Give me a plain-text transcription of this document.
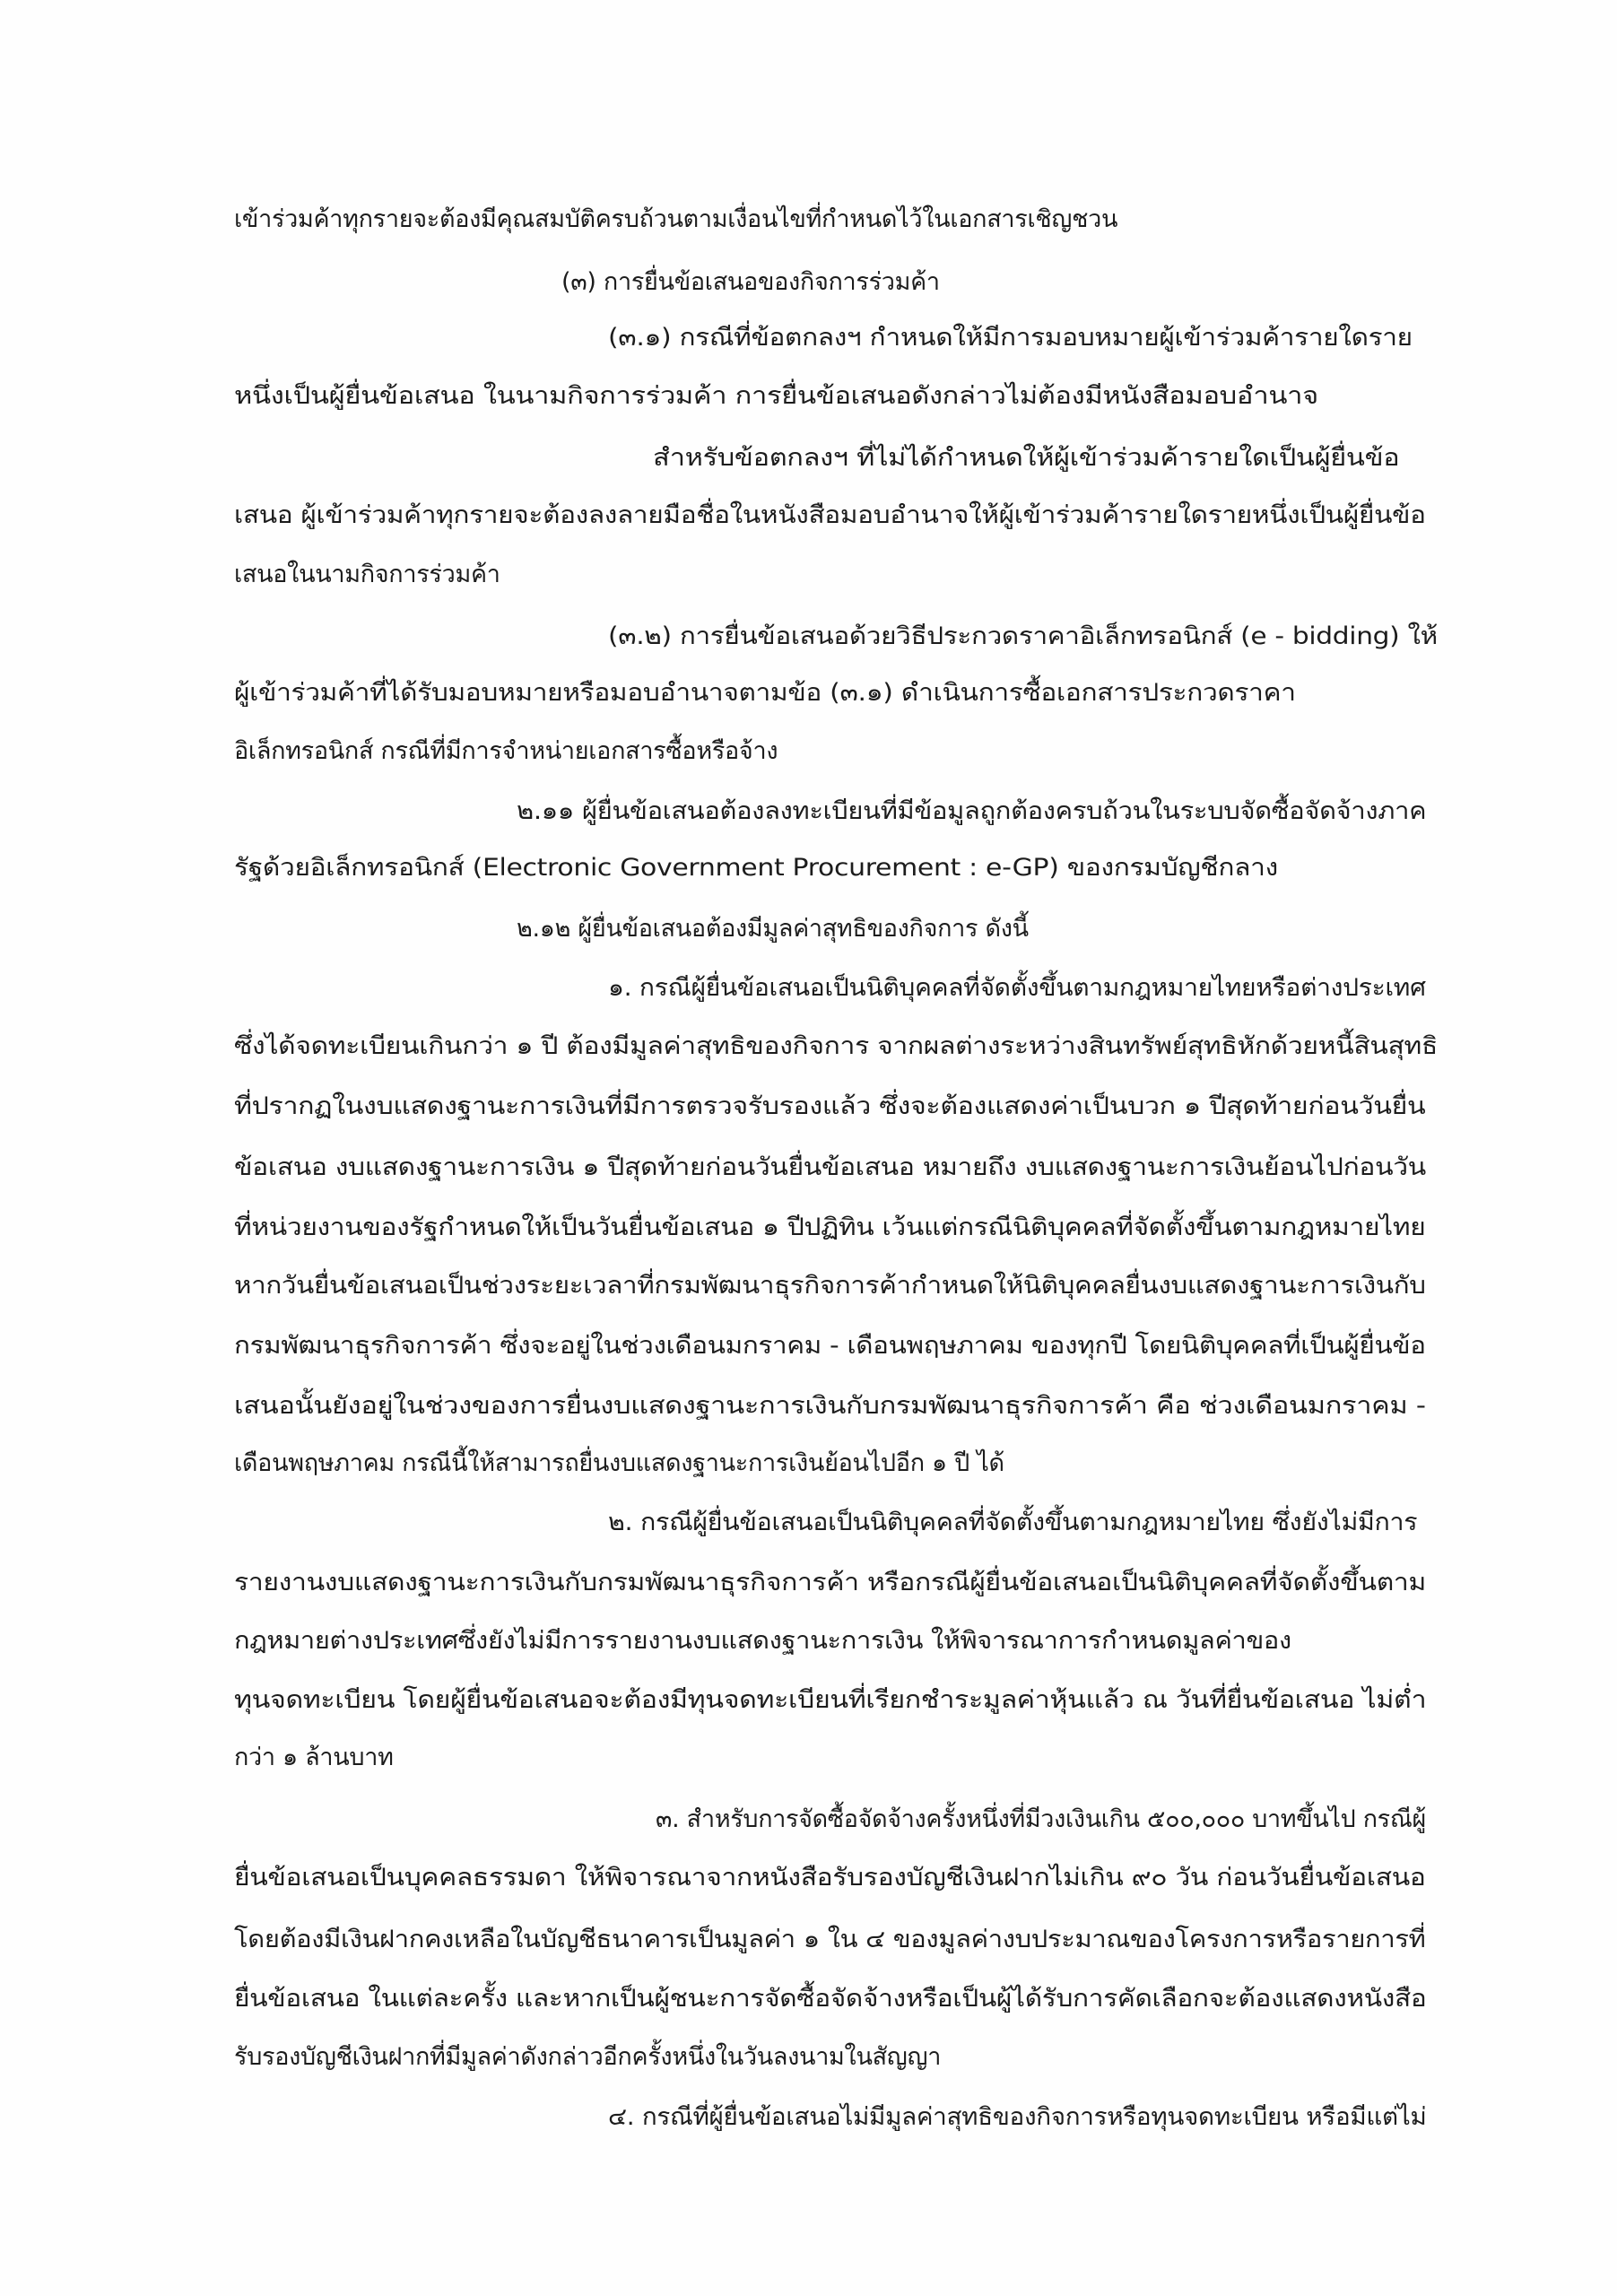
เข้าร่วมค้าทุกรายจะต้องมีคุณสมบัติครบถ้วนตามเงื่อนไขที่กำหนดไว้ในเอกสารเชิญชวน
(๓) การยื่นข้อเสนอของกิจการร่วมค้า
(๓.๑) กรณีที่ข้อตกลงฯ กำหนดให้มีการมอบหมายผู้เข้าร่วมค้ารายใดราย
หนึ่งเป็นผู้ยื่นข้อเสนอ ในนามกิจการร่วมค้า การยื่นข้อเสนอดังกล่าวไม่ต้องมีหนังสือมอบอำนาจ
สำหรับข้อตกลงฯ ที่ไม่ได้กำหนดให้ผู้เข้าร่วมค้ารายใดเป็นผู้ยื่นข้อ
เสนอ ผู้เข้าร่วมค้าทุกรายจะต้องลงลายมือชื่อในหนังสือมอบอำนาจให้ผู้เข้าร่วมค้ารายใดรายหนึ่งเป็นผู้ยื่นข้อ
เสนอในนามกิจการร่วมค้า
(๓.๒) การยื่นข้อเสนอด้วยวิธีประกวดราคาอิเล็กทรอนิกส์ (e - bidding) ให้
ผู้เข้าร่วมค้าที่ได้รับมอบหมายหรือมอบอำนาจตามข้อ (๓.๑) ดำเนินการซื้อเอกสารประกวดราคา
อิเล็กทรอนิกส์ กรณีที่มีการจำหน่ายเอกสารซื้อหรือจ้าง
๒.๑๑ ผู้ยื่นข้อเสนอต้องลงทะเบียนที่มีข้อมูลถูกต้องครบถ้วนในระบบจัดซื้อจัดจ้างภาค
รัฐด้วยอิเล็กทรอนิกส์ (Electronic Government Procurement : e-GP) ของกรมบัญชีกลาง
๒.๑๒ ผู้ยื่นข้อเสนอต้องมีมูลค่าสุทธิของกิจการ ดังนี้
๑. กรณีผู้ยื่นข้อเสนอเป็นนิติบุคคลที่จัดตั้งขึ้นตามกฎหมายไทยหรือต่างประเทศ
ซึ่งได้จดทะเบียนเกินกว่า ๑ ปี ต้องมีมูลค่าสุทธิของกิจการ จากผลต่างระหว่างสินทรัพย์สุทธิหักด้วยหนี้สินสุทธิ
ที่ปรากฏในงบแสดงฐานะการเงินที่มีการตรวจรับรองแล้ว ซึ่งจะต้องแสดงค่าเป็นบวก ๑ ปีสุดท้ายก่อนวันยื่น
ข้อเสนอ งบแสดงฐานะการเงิน ๑ ปีสุดท้ายก่อนวันยื่นข้อเสนอ หมายถึง งบแสดงฐานะการเงินย้อนไปก่อนวัน
ที่หน่วยงานของรัฐกำหนดให้เป็นวันยื่นข้อเสนอ ๑ ปีปฏิทิน เว้นแต่กรณีนิติบุคคลที่จัดตั้งขึ้นตามกฎหมายไทย
หากวันยื่นข้อเสนอเป็นช่วงระยะเวลาที่กรมพัฒนาธุรกิจการค้ากำหนดให้นิติบุคคลยื่นงบแสดงฐานะการเงินกับ
กรมพัฒนาธุรกิจการค้า ซึ่งจะอยู่ในช่วงเดือนมกราคม - เดือนพฤษภาคม ของทุกปี โดยนิติบุคคลที่เป็นผู้ยื่นข้อ
เสนอนั้นยังอยู่ในช่วงของการยื่นงบแสดงฐานะการเงินกับกรมพัฒนาธุรกิจการค้า คือ ช่วงเดือนมกราคม -
เดือนพฤษภาคม กรณีนี้ให้สามารถยื่นงบแสดงฐานะการเงินย้อนไปอีก ๑ ปี ได้
๒. กรณีผู้ยื่นข้อเสนอเป็นนิติบุคคลที่จัดตั้งขึ้นตามกฎหมายไทย ซึ่งยังไม่มีการ
รายงานงบแสดงฐานะการเงินกับกรมพัฒนาธุรกิจการค้า หรือกรณีผู้ยื่นข้อเสนอเป็นนิติบุคคลที่จัดตั้งขึ้นตาม
กฎหมายต่างประเทศซึ่งยังไม่มีการรายงานงบแสดงฐานะการเงิน ให้พิจารณาการกำหนดมูลค่าของ
ทุนจดทะเบียน โดยผู้ยื่นข้อเสนอจะต้องมีทุนจดทะเบียนที่เรียกชำระมูลค่าหุ้นแล้ว ณ วันที่ยื่นข้อเสนอ ไม่ต่ำ
กว่า ๑ ล้านบาท
๓. สำหรับการจัดซื้อจัดจ้างครั้งหนึ่งที่มีวงเงินเกิน ๕๐๐,๐๐๐ บาทขึ้นไป กรณีผู้
ยื่นข้อเสนอเป็นบุคคลธรรมดา ให้พิจารณาจากหนังสือรับรองบัญชีเงินฝากไม่เกิน ๙๐ วัน ก่อนวันยื่นข้อเสนอ
โดยต้องมีเงินฝากคงเหลือในบัญชีธนาคารเป็นมูลค่า ๑ ใน ๔ ของมูลค่างบประมาณของโครงการหรือรายการที่
ยื่นข้อเสนอ ในแต่ละครั้ง และหากเป็นผู้ชนะการจัดซื้อจัดจ้างหรือเป็นผู้ได้รับการคัดเลือกจะต้องแสดงหนังสือ
รับรองบัญชีเงินฝากที่มีมูลค่าดังกล่าวอีกครั้งหนึ่งในวันลงนามในสัญญา
๔. กรณีที่ผู้ยื่นข้อเสนอไม่มีมูลค่าสุทธิของกิจการหรือทุนจดทะเบียน หรือมีแต่ไม่
